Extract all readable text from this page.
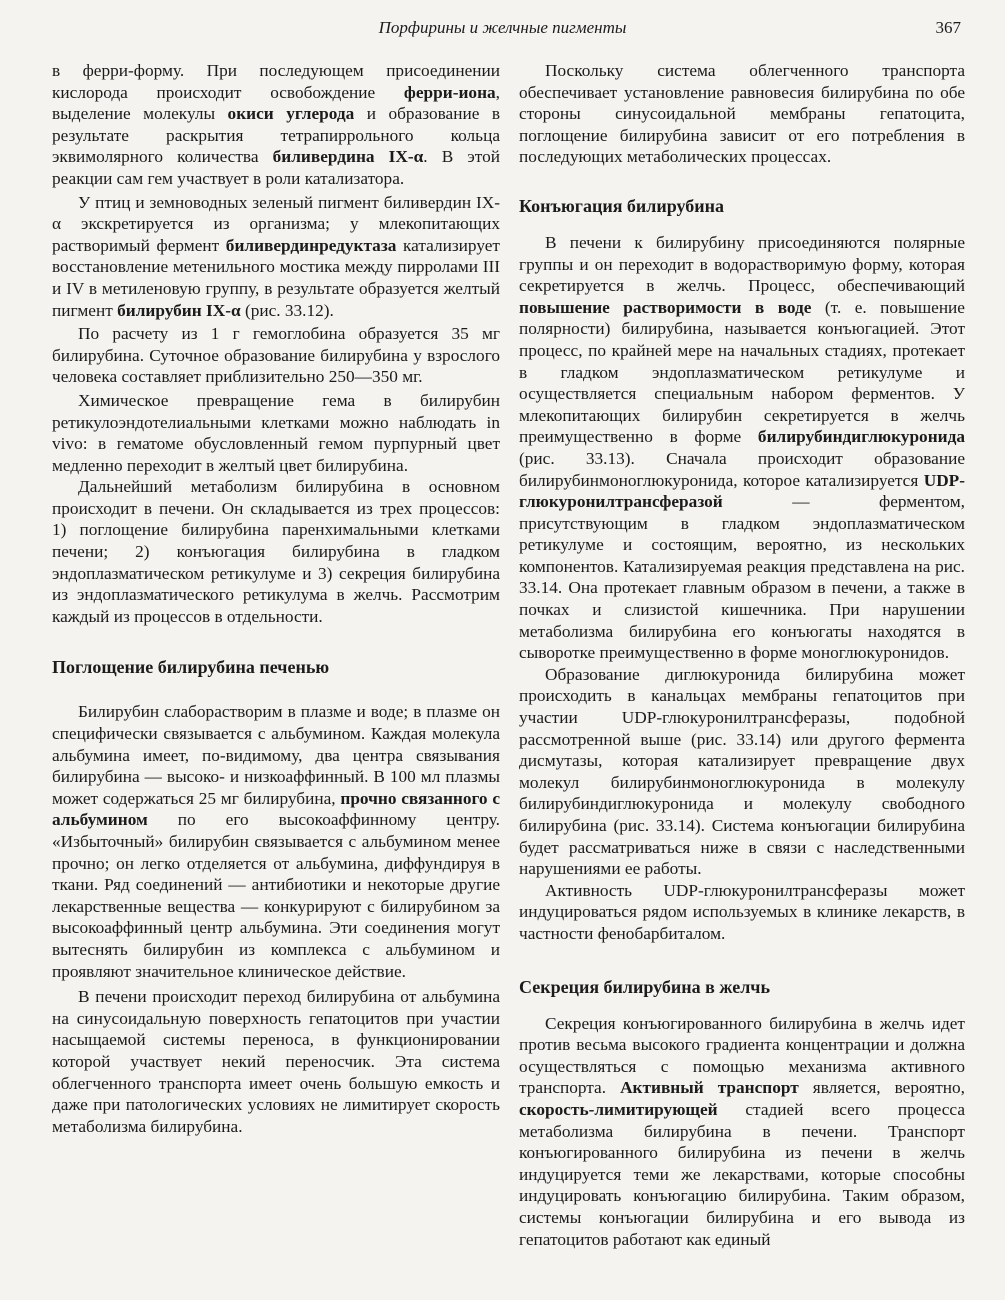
Порфирины и желчные пигменты	367

в ферри-форму. При последующем присоединении кислорода происходит освобождение ферри-иона, выделение молекулы окиси углерода и образование в результате раскрытия тетрапиррольного кольца эквимолярного количества биливердина IX-α. В этой реакции сам гем участвует в роли катализатора.

У птиц и земноводных зеленый пигмент биливердин IX-α экскретируется из организма; у млекопитающих растворимый фермент биливердинредуктаза катализирует восстановление метенильного мостика между пирролами III и IV в метиленовую группу, в результате образуется желтый пигмент билирубин IX-α (рис. 33.12).

По расчету из 1 г гемоглобина образуется 35 мг билирубина. Суточное образование билирубина у взрослого человека составляет приблизительно 250—350 мг.

Химическое превращение гема в билирубин ретикулоэндотелиальными клетками можно наблюдать in vivo: в гематоме обусловленный гемом пурпурный цвет медленно переходит в желтый цвет билирубина.

Дальнейший метаболизм билирубина в основном происходит в печени. Он складывается из трех процессов: 1) поглощение билирубина паренхимальными клетками печени; 2) конъюгация билирубина в гладком эндоплазматическом ретикулуме и 3) секреция билирубина из эндоплазматического ретикулума в желчь. Рассмотрим каждый из процессов в отдельности.

Поглощение билирубина печенью

Билирубин слаборастворим в плазме и воде; в плазме он специфически связывается с альбумином. Каждая молекула альбумина имеет, по-видимому, два центра связывания билирубина — высоко- и низкоаффинный. В 100 мл плазмы может содержаться 25 мг билирубина, прочно связанного с альбумином по его высокоаффинному центру. «Избыточный» билирубин связывается с альбумином менее прочно; он легко отделяется от альбумина, диффундируя в ткани. Ряд соединений — антибиотики и некоторые другие лекарственные вещества — конкурируют с билирубином за высокоаффинный центр альбумина. Эти соединения могут вытеснять билирубин из комплекса с альбумином и проявляют значительное клиническое действие.

В печени происходит переход билирубина от альбумина на синусоидальную поверхность гепатоцитов при участии насыщаемой системы переноса, в функционировании которой участвует некий переносчик. Эта система облегченного транспорта имеет очень большую емкость и даже при патологических условиях не лимитирует скорость метаболизма билирубина.

Поскольку система облегченного транспорта обеспечивает установление равновесия билирубина по обе стороны синусоидальной мембраны гепатоцита, поглощение билирубина зависит от его потребления в последующих метаболических процессах.

Конъюгация билирубина

В печени к билирубину присоединяются полярные группы и он переходит в водорастворимую форму, которая секретируется в желчь. Процесс, обеспечивающий повышение растворимости в воде (т. е. повышение полярности) билирубина, называется конъюгацией. Этот процесс, по крайней мере на начальных стадиях, протекает в гладком эндоплазматическом ретикулуме и осуществляется специальным набором ферментов. У млекопитающих билирубин секретируется в желчь преимущественно в форме билирубиндиглюкуронида (рис. 33.13). Сначала происходит образование билирубинмоноглюкуронида, которое катализируется UDP-глюкуронилтрансферазой — ферментом, присутствующим в гладком эндоплазматическом ретикулуме и состоящим, вероятно, из нескольких компонентов. Катализируемая реакция представлена на рис. 33.14. Она протекает главным образом в печени, а также в почках и слизистой кишечника. При нарушении метаболизма билирубина его конъюгаты находятся в сыворотке преимущественно в форме моноглюкуронидов.

Образование диглюкуронида билирубина может происходить в канальцах мембраны гепатоцитов при участии UDP-глюкуронилтрансферазы, подобной рассмотренной выше (рис. 33.14) или другого фермента дисмутазы, которая катализирует превращение двух молекул билирубинмоноглюкуронида в молекулу билирубиндиглюкуронида и молекулу свободного билирубина (рис. 33.14). Система конъюгации билирубина будет рассматриваться ниже в связи с наследственными нарушениями ее работы.

Активность UDP-глюкуронилтрансферазы может индуцироваться рядом используемых в клинике лекарств, в частности фенобарбиталом.

Секреция билирубина в желчь

Секреция конъюгированного билирубина в желчь идет против весьма высокого градиента концентрации и должна осуществляться с помощью механизма активного транспорта. Активный транспорт является, вероятно, скорость-лимитирующей стадией всего процесса метаболизма билирубина в печени. Транспорт конъюгированного билирубина из печени в желчь индуцируется теми же лекарствами, которые способны индуцировать конъюгацию билирубина. Таким образом, системы конъюгации билирубина и его вывода из гепатоцитов работают как единый
